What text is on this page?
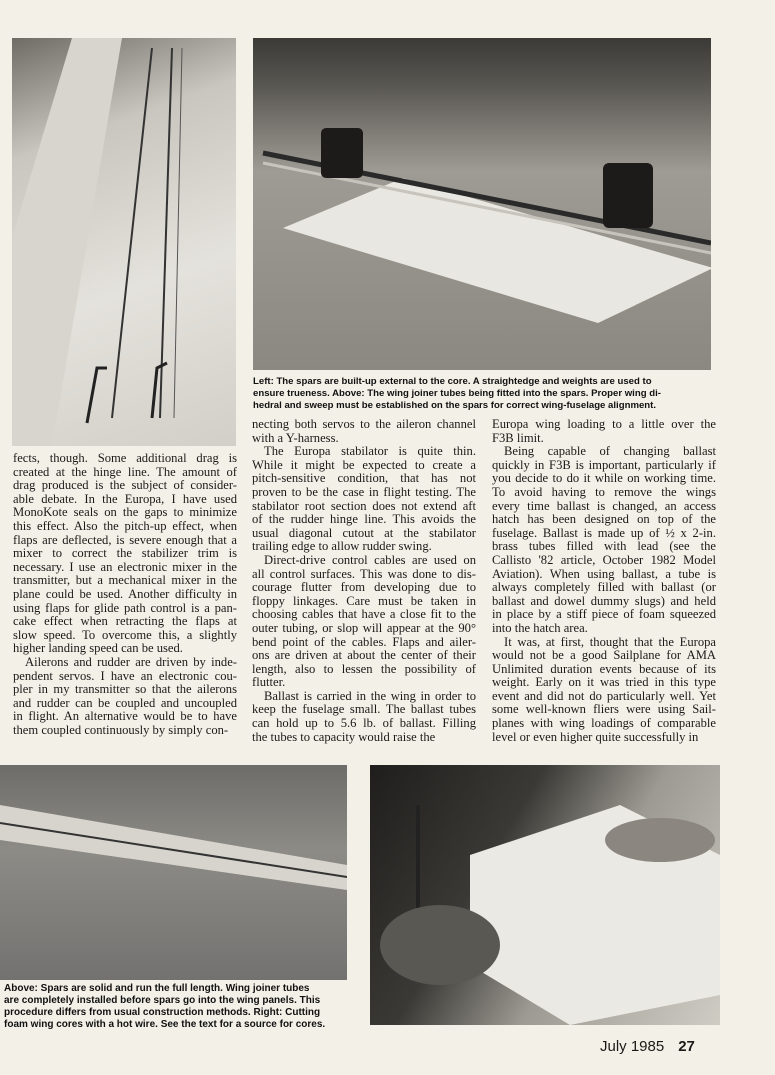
Left: The spars are built-up external to the core. A straightedge and weights are used to
ensure trueness. Above: The wing joiner tubes being fitted into the spars. Proper wing di-
hedral and sweep must be established on the spars for correct wing-fuselage alignment.
fects, though. Some additional drag is
created at the hinge line. The amount of
drag produced is the subject of consider-
able debate. In the Europa, I have used
MonoKote seals on the gaps to minimize
this effect. Also the pitch-up effect, when
flaps are deflected, is severe enough that a
mixer to correct the stabilizer trim is
necessary. I use an electronic mixer in the
transmitter, but a mechanical mixer in the
plane could be used. Another difficulty in
using flaps for glide path control is a pan-
cake effect when retracting the flaps at
slow speed. To overcome this, a slightly
higher landing speed can be used.
Ailerons and rudder are driven by inde-
pendent servos. I have an electronic cou-
pler in my transmitter so that the ailerons
and rudder can be coupled and uncoupled
in flight. An alternative would be to have
them coupled continuously by simply con-
necting both servos to the aileron channel
with a Y-harness.
The Europa stabilator is quite thin.
While it might be expected to create a
pitch-sensitive condition, that has not
proven to be the case in flight testing. The
stabilator root section does not extend aft
of the rudder hinge line. This avoids the
usual diagonal cutout at the stabilator
trailing edge to allow rudder swing.
Direct-drive control cables are used on
all control surfaces. This was done to dis-
courage flutter from developing due to
floppy linkages. Care must be taken in
choosing cables that have a close fit to the
outer tubing, or slop will appear at the 90°
bend point of the cables. Flaps and ailer-
ons are driven at about the center of their
length, also to lessen the possibility of
flutter.
Ballast is carried in the wing in order to
keep the fuselage small. The ballast tubes
can hold up to 5.6 lb. of ballast. Filling
the tubes to capacity would raise the
Europa wing loading to a little over the
F3B limit.
Being capable of changing ballast
quickly in F3B is important, particularly if
you decide to do it while on working time.
To avoid having to remove the wings
every time ballast is changed, an access
hatch has been designed on top of the
fuselage. Ballast is made up of ½ x 2-in.
brass tubes filled with lead (see the
Callisto '82 article, October 1982 Model
Aviation). When using ballast, a tube is
always completely filled with ballast (or
ballast and dowel dummy slugs) and held
in place by a stiff piece of foam squeezed
into the hatch area.
It was, at first, thought that the Europa
would not be a good Sailplane for AMA
Unlimited duration events because of its
weight. Early on it was tried in this type
event and did not do particularly well. Yet
some well-known fliers were using Sail-
planes with wing loadings of comparable
level or even higher quite successfully in
Above: Spars are solid and run the full length. Wing joiner tubes
are completely installed before spars go into the wing panels. This
procedure differs from usual construction methods. Right: Cutting
foam wing cores with a hot wire. See the text for a source for cores.
July 1985 27
